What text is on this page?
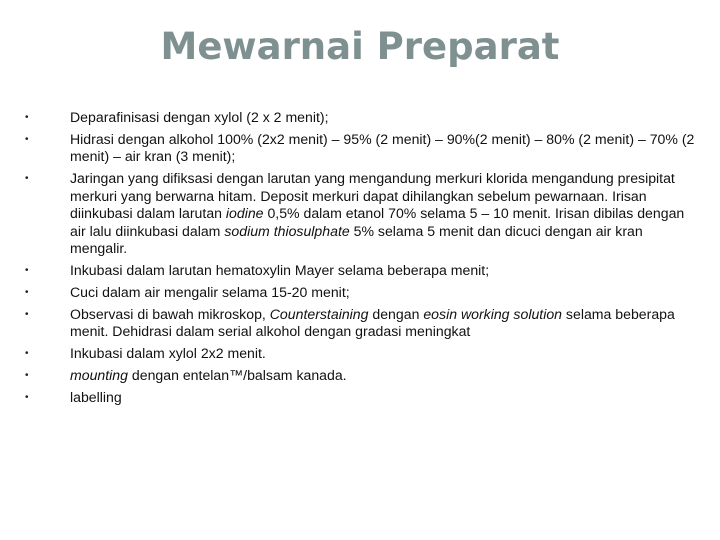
Mewarnai Preparat
•	Deparafinisasi dengan xylol (2 x 2 menit);
•	Hidrasi dengan alkohol 100% (2x2 menit) – 95% (2 menit) – 90%(2 menit) – 80% (2 menit) – 70% (2 menit) – air kran (3 menit);
•	Jaringan yang difiksasi dengan larutan yang mengandung merkuri klorida mengandung presipitat merkuri yang berwarna hitam. Deposit merkuri dapat dihilangkan sebelum pewarnaan. Irisan diinkubasi dalam larutan iodine 0,5% dalam etanol 70% selama 5 – 10 menit. Irisan dibilas dengan air lalu diinkubasi dalam sodium thiosulphate 5% selama 5 menit dan dicuci dengan air kran mengalir.
•	Inkubasi dalam larutan hematoxylin Mayer selama beberapa menit;
•	Cuci dalam air mengalir selama 15-20 menit;
•	Observasi di bawah mikroskop, Counterstaining dengan eosin working solution selama beberapa menit. Dehidrasi dalam serial alkohol dengan gradasi meningkat
•	Inkubasi dalam xylol 2x2 menit.
•	mounting dengan entelan™/balsam kanada.
•	labelling
